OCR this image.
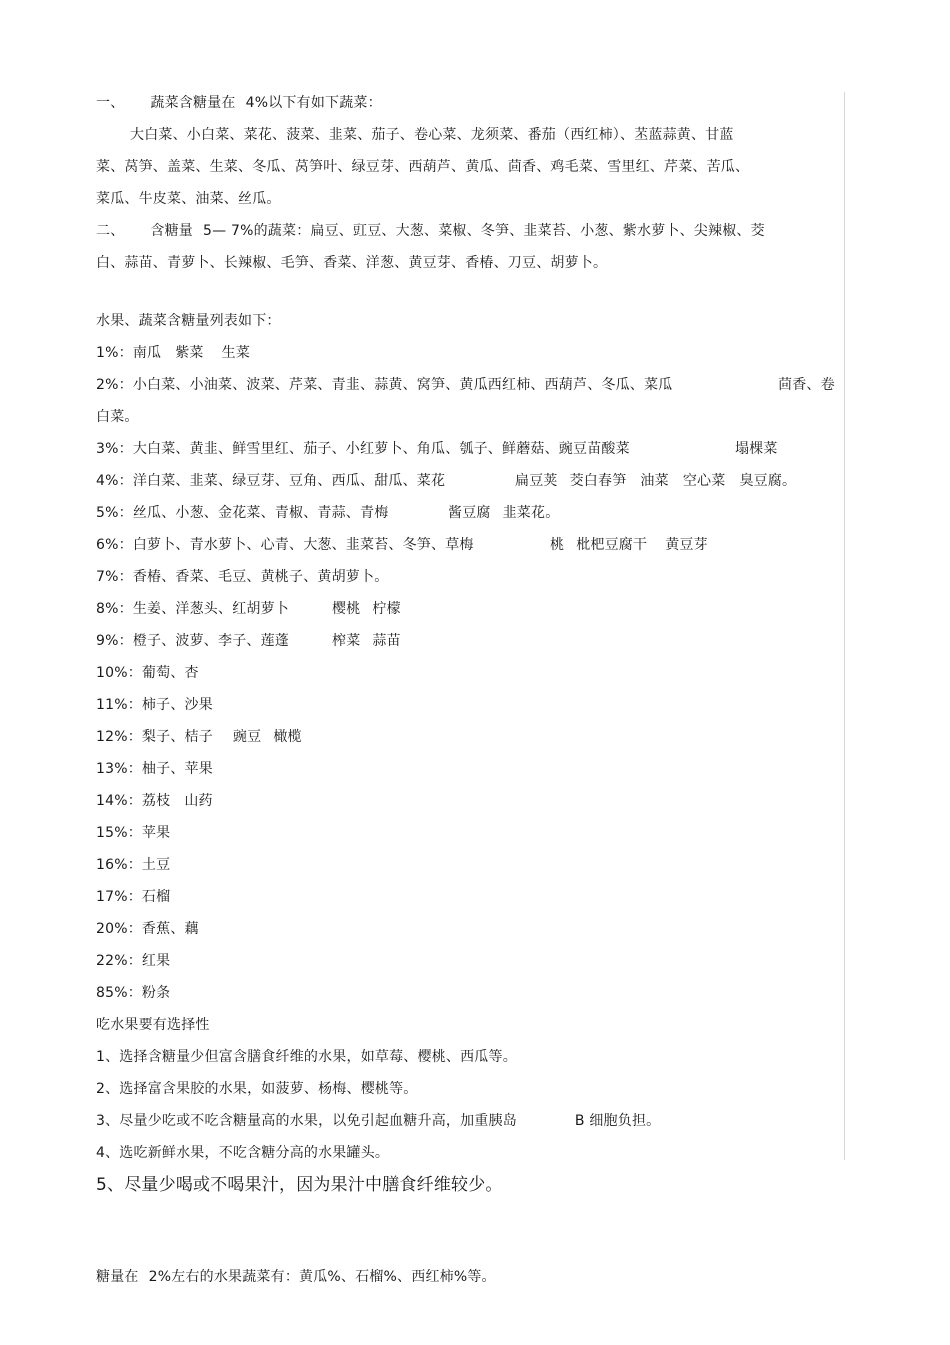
一、 蔬菜含糖量在 4%以下有如下蔬菜：
大白菜、小白菜、菜花、菠菜、韭菜、茄子、卷心菜、龙须菜、番茄（西红柿）、苤蓝蒜黄、甘蓝
菜、莴笋、盖菜、生菜、冬瓜、莴笋叶、绿豆芽、西葫芦、黄瓜、茴香、鸡毛菜、雪里红、芹菜、苦瓜、
菜瓜、牛皮菜、油菜、丝瓜。
二、 含糖量 5— 7%的蔬菜：扁豆、豇豆、大葱、菜椒、冬笋、韭菜苔、小葱、紫水萝卜、尖辣椒、茭
白、蒜苗、青萝卜、长辣椒、毛笋、香菜、洋葱、黄豆芽、香椿、刀豆、胡萝卜。
水果、蔬菜含糖量列表如下：
1%：南瓜 紫菜 生菜
2%：小白菜、小油菜、波菜、芹菜、青韭、蒜黄、窝笋、黄瓜西红柿、西葫芦、冬瓜、菜瓜	茴香、卷
白菜。
3%：大白菜、黄韭、鲜雪里红、茄子、小红萝卜、角瓜、瓠子、鲜蘑菇、豌豆苗酸菜	塌棵菜
4%：洋白菜、韭菜、绿豆芽、豆角、西瓜、甜瓜、菜花	扁豆荚 茭白春笋 油菜 空心菜 臭豆腐。
5%：丝瓜、小葱、金花菜、青椒、青蒜、青梅	酱豆腐 韭菜花。
6%：白萝卜、青水萝卜、心青、大葱、韭菜苔、冬笋、草梅	桃 枇杷豆腐干 黄豆芽
7%：香椿、香菜、毛豆、黄桃子、黄胡萝卜。
8%：生姜、洋葱头、红胡萝卜	樱桃 柠檬
9%：橙子、波萝、李子、莲蓬	榨菜 蒜苗
10%：葡萄、杏
11%：柿子、沙果
12%：梨子、桔子 豌豆 橄榄
13%：柚子、苹果
14%：荔枝 山药
15%：苹果
16%：土豆
17%：石榴
20%：香蕉、藕
22%：红果
85%：粉条
吃水果要有选择性
1、选择含糖量少但富含膳食纤维的水果，如草莓、樱桃、西瓜等。
2、选择富含果胶的水果，如菠萝、杨梅、樱桃等。
3、尽量少吃或不吃含糖量高的水果，以免引起血糖升高，加重胰岛	B 细胞负担。
4、选吃新鲜水果，不吃含糖分高的水果罐头。
5、尽量少喝或不喝果汁，因为果汁中膳食纤维较少。
糖量在 2%左右的水果蔬菜有：黄瓜%、石榴%、西红柿%等。
